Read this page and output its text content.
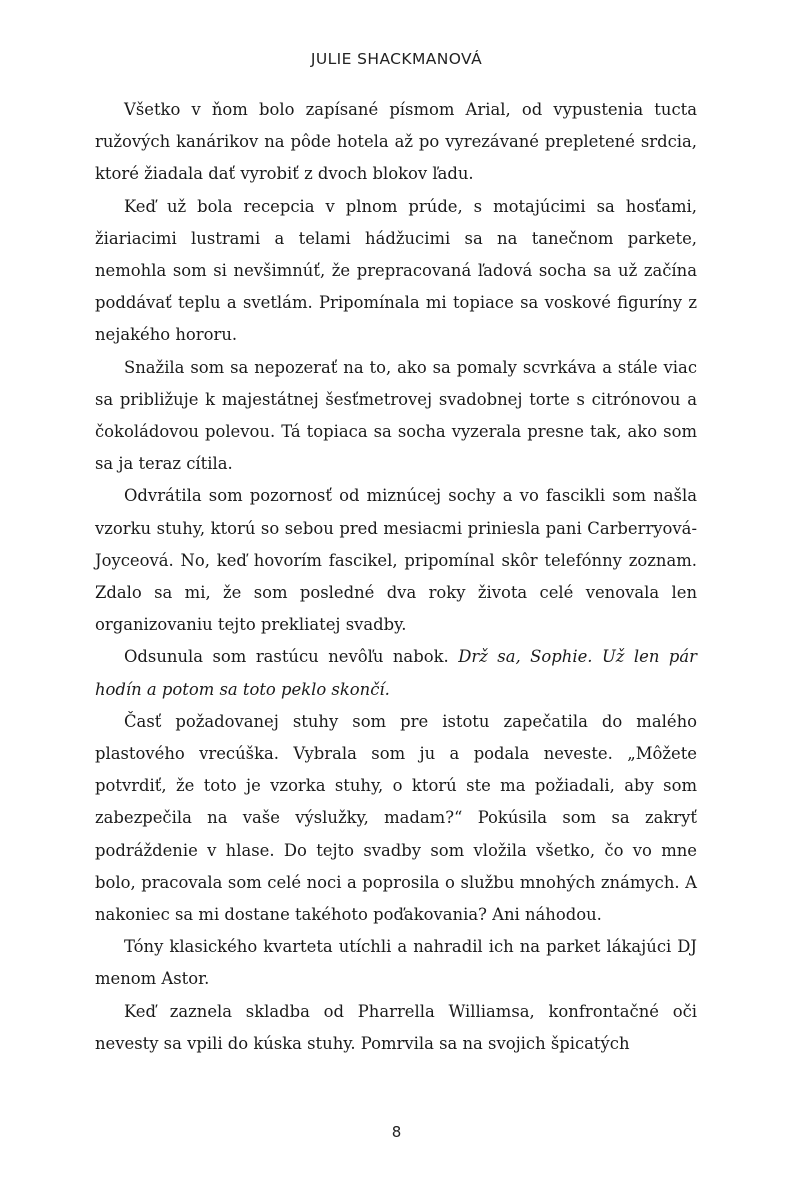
JULIE SHACKMANOVÁ

Všetko v ňom bolo zapísané písmom Arial, od vypustenia tucta ružových kanárikov na pôde hotela až po vyrezávané prepletené srdcia, ktoré žiadala dať vyrobiť z dvoch blokov ľadu.

Keď už bola recepcia v plnom prúde, s motajúcimi sa hosťami, žiariacimi lustrami a telami hádžucimi sa na tanečnom parkete, nemohla som si nevšimnúť, že prepracovaná ľadová socha sa už začína poddávať teplu a svetlám. Pripomínala mi topiace sa voskové figuríny z nejakého hororu.

Snažila som sa nepozerať na to, ako sa pomaly scvrkáva a stále viac sa približuje k majestátnej šesťmetrovej svadobnej torte s citrónovou a čokoládovou polevou. Tá topiaca sa socha vyzerala presne tak, ako som sa ja teraz cítila.

Odvrátila som pozornosť od miznúcej sochy a vo fascikli som našla vzorku stuhy, ktorú so sebou pred mesiacmi priniesla pani Carberryová-Joyceová. No, keď hovorím fascikel, pripomínal skôr telefónny zoznam. Zdalo sa mi, že som posledné dva roky života celé venovala len organizovaniu tejto prekliatej svadby.

Odsunula som rastúcu nevôľu nabok. Drž sa, Sophie. Už len pár hodín a potom sa toto peklo skončí.

Časť požadovanej stuhy som pre istotu zapečatila do malého plastového vrecúška. Vybrala som ju a podala neveste. „Môžete potvrdiť, že toto je vzorka stuhy, o ktorú ste ma požiadali, aby som zabezpečila na vaše výslužky, madam?“ Pokúsila som sa zakryť podráždenie v hlase. Do tejto svadby som vložila všetko, čo vo mne bolo, pracovala som celé noci a poprosila o službu mnohých známych. A nakoniec sa mi dostane takéhoto poďakovania? Ani náhodou.

Tóny klasického kvarteta utíchli a nahradil ich na parket lákajúci DJ menom Astor.

Keď zaznela skladba od Pharrella Williamsa, konfrontačné oči nevesty sa vpili do kúska stuhy. Pomrvila sa na svojich špicatých

8
